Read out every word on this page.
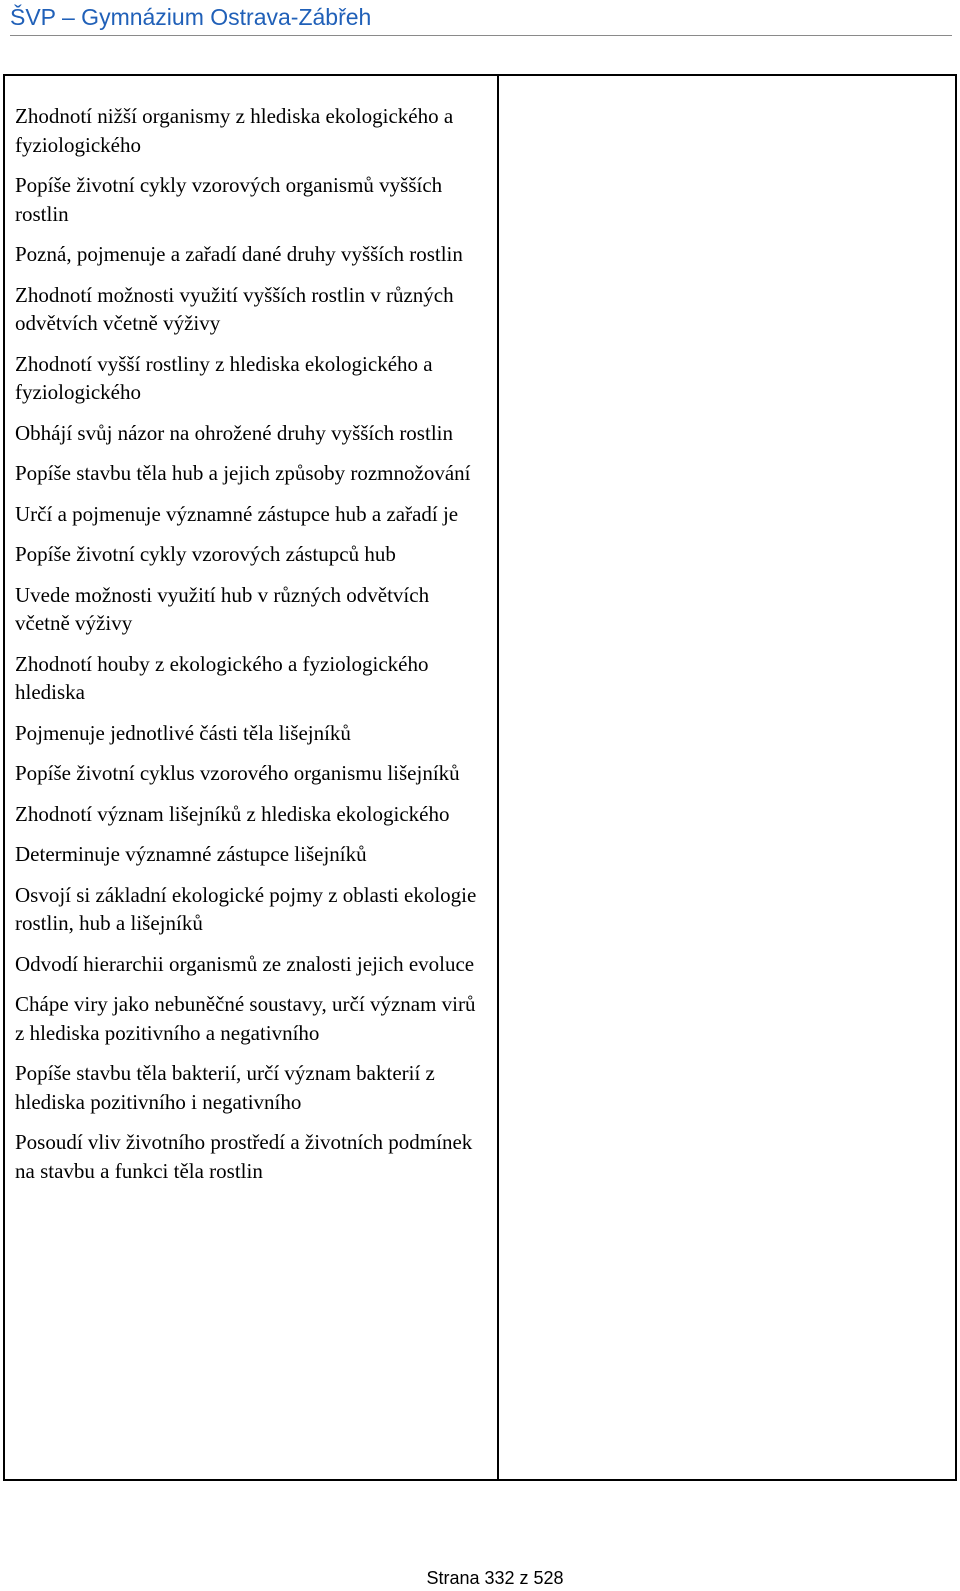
ŠVP – Gymnázium Ostrava-Zábřeh

Zhodnotí nižší organismy z hlediska ekologického a fyziologického

Popíše životní cykly vzorových organismů vyšších rostlin

Pozná, pojmenuje a zařadí dané druhy vyšších rostlin

Zhodnotí možnosti využití vyšších rostlin v různých odvětvích včetně výživy

Zhodnotí vyšší rostliny z hlediska ekologického a fyziologického

Obhájí svůj názor na ohrožené druhy vyšších rostlin

Popíše stavbu těla hub a jejich způsoby rozmnožování

Určí a pojmenuje významné zástupce hub a zařadí je

Popíše životní cykly vzorových zástupců hub

Uvede možnosti využití hub v různých odvětvích včetně výživy

Zhodnotí houby z ekologického a fyziologického hlediska

Pojmenuje jednotlivé části těla lišejníků

Popíše životní cyklus vzorového organismu lišejníků

Zhodnotí význam lišejníků z hlediska ekologického

Determinuje významné zástupce lišejníků

Osvojí si základní ekologické pojmy z oblasti ekologie rostlin, hub a lišejníků

Odvodí hierarchii organismů ze znalosti jejich evoluce

Chápe viry jako nebuněčné soustavy, určí význam virů z hlediska pozitivního a negativního

Popíše stavbu těla bakterií, určí význam bakterií z hlediska pozitivního i negativního

Posoudí vliv životního prostředí a životních podmínek na stavbu a funkci těla rostlin

Strana 332 z 528
